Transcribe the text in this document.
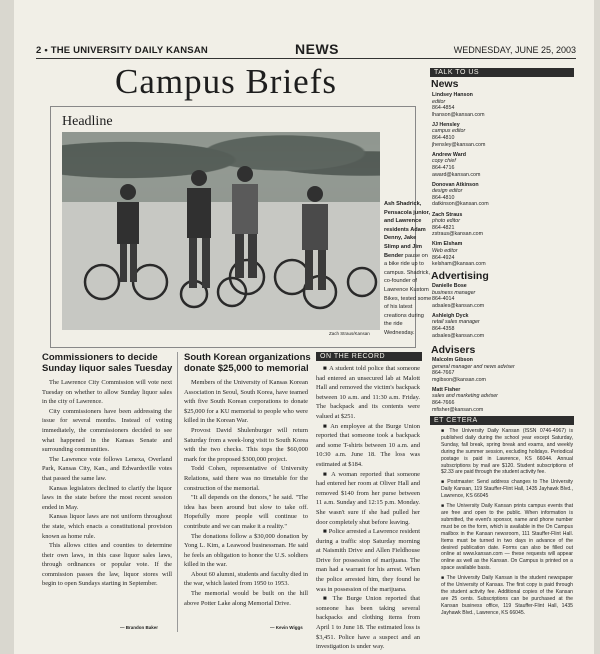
2 • THE UNIVERSITY DAILY KANSAN	NEWS	WEDNESDAY, JUNE 25, 2003
Campus Briefs
Headline
Zach Straus/Kansan
Ash Shadrick, Pensacola junior, and Lawrence residents Adam Denny, Jake Slimp and Jim Bender pause on a bike ride up to campus. Shadrick, co-founder of Lawrence Kustom Bikes, tested some of his latest creations during the ride Wednesday.
Commissioners to decide Sunday liquor sales Tuesday

The Lawrence City Commission will vote next Tuesday on whether to allow Sunday liquor sales in the city of Lawrence.

City commissioners have been addressing the issue for several months. Instead of voting immediately, the commissioners decided to see what happened in the Kansas Senate and surrounding communities.

The Lawrence vote follows Lenexa, Overland Park, Kansas City, Kan., and Edwardsville votes that passed the same law.

Kansas legislators declined to clarify the liquor laws in the state before the most recent session ended in May.

Kansas liquor laws are not uniform throughout the state, which enacts a constitutional provision known as home rule.

This allows cities and counties to determine their own laws, in this case liquor sales laws, through ordinances or popular vote. If the commission passes the law, liquor stores will begin to open Sundays starting in September.

— Brandon Baker
South Korean organizations donate $25,000 to memorial

Members of the University of Kansas Korean Association in Seoul, South Korea, have teamed with five South Korean corporations to donate $25,000 for a KU memorial to people who were killed in the Korean War.

Provost David Shulenburger will return Saturday from a week-long visit to South Korea with the two checks. This tops the $60,000 mark for the proposed $300,000 project.

Todd Cohen, representative of University Relations, said there was no timetable for the construction of the memorial.

"It all depends on the donors," he said. "The idea has been around but slow to take off. Hopefully more people will continue to contribute and we can make it a reality."

The donations follow a $30,000 donation by Yong L. Kim, a Leawood businessman. He said he feels an obligation to honor the U.S. soldiers killed in the war.

About 60 alumni, students and faculty died in the war, which lasted from 1950 to 1953.

The memorial would be built on the hill above Potter Lake along Memorial Drive.

— Kevin Wiggs
ON THE RECORD

■ A student told police that someone had entered an unsecured lab at Malott Hall and removed the victim's backpack between 10 a.m. and 11:30 a.m. Friday. The backpack and its contents were valued at $251.

■ An employee at the Burge Union reported that someone took a backpack and some T-shirts between 10 a.m. and 10:30 a.m. June 18. The loss was estimated at $184.

■ A woman reported that someone had entered her room at Oliver Hall and removed $140 from her purse between 11 a.m. Sunday and 12:15 p.m. Monday. She wasn't sure if she had pulled her door completely shut before leaving.

■ Police arrested a Lawrence resident during a traffic stop Saturday morning at Naismith Drive and Allen Fieldhouse Drive for possession of marijuana. The man had a warrant for his arrest. When the police arrested him, they found he was in possession of the marijuana.

■ The Burge Union reported that someone has been taking several backpacks and clothing items from April 1 to June 18. The estimated loss is $3,451. Police have a suspect and an investigation is under way.

TALK TO US
News
Lindsey Hanson
editor
864-4854
lhanson@kansan.com
JJ Hensley
campus editor
864-4810
jhensley@kansan.com
Andrew Ward
copy chief
864-4716
award@kansan.com
Donovan Atkinson
design editor
864-4810
datkinson@kansan.com
Zach Straus
photo editor
864-4821
zstraus@kansan.com
Kim Elsham
Web editor
864-4924
kelsham@kansan.com
Advertising
Danielle Bose
business manager
864-4014
adsales@kansan.com
Ashleigh Dyck
retail sales manager
864-4358
adsales@kansan.com
Advisers
Malcolm Gibson
general manager and news adviser
864-7667
mgibson@kansan.com
Matt Fisher
sales and marketing adviser
864-7666
mfisher@kansan.com
ET CETERA
■ The University Daily Kansan (ISSN 0746-4967) is published daily during the school year except Saturday, Sunday, fall break, spring break and exams, and weekly during the summer session, excluding holidays. Periodical postage is paid in Lawrence, KS 66044. Annual subscriptions by mail are $120. Student subscriptions of $2.33 are paid through the student activity fee.
■ Postmaster: Send address changes to The University Daily Kansan, 119 Stauffer-Flint Hall, 1435 Jayhawk Blvd., Lawrence, KS 66045
■ The University Daily Kansan prints campus events that are free and open to the public. When information is submitted, the event's sponsor, name and phone number must be on the form, which is available in the On Campus mailbox in the Kansan newsroom, 111 Stauffer-Flint Hall. Items must be turned in two days in advance of the desired publication date. Forms can also be filled out online at www.kansan.com — these requests will appear online as well as the Kansan. On Campus is printed on a space available basis.
■ The University Daily Kansan is the student newspaper of the University of Kansas. The first copy is paid through the student activity fee. Additional copies of the Kansan are 25 cents. Subscriptions can be purchased at the Kansan business office, 119 Stauffer-Flint Hall, 1435 Jayhawk Blvd., Lawrence, KS 66045.
